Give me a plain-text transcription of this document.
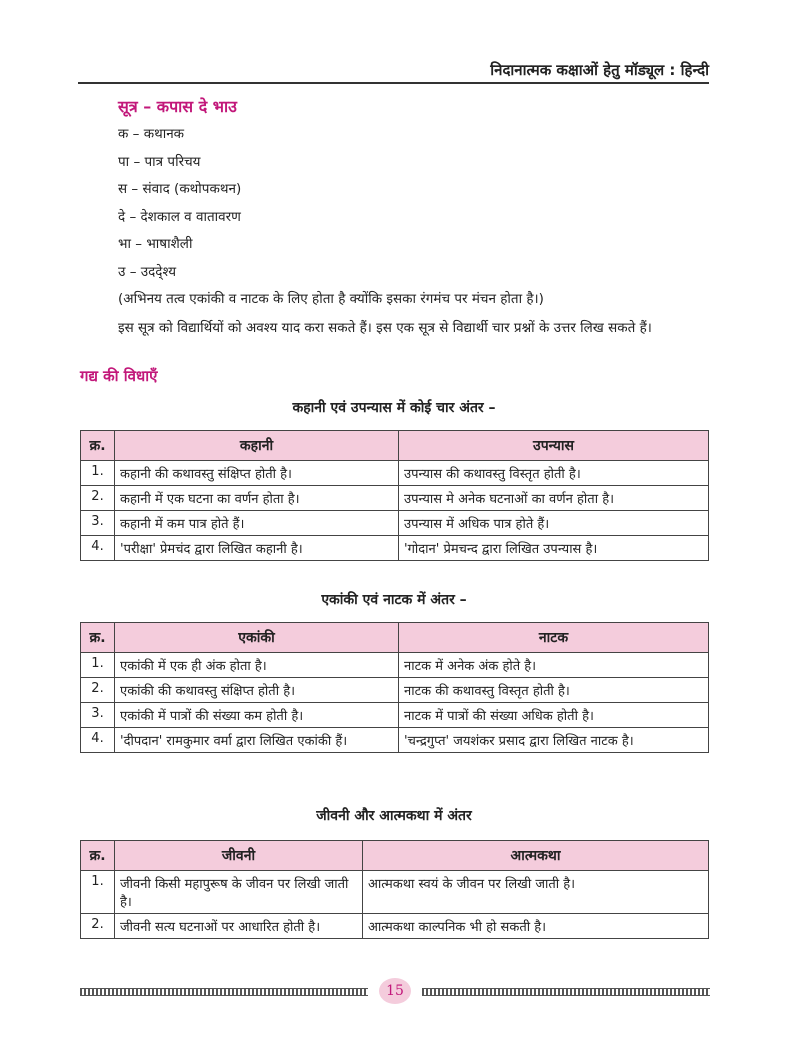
निदानात्मक कक्षाओं हेतु मॉड्यूल : हिन्दी
सूत्र – कपास दे भाउ
क – कथानक
पा – पात्र परिचय
स – संवाद (कथोपकथन)
दे – देशकाल व वातावरण
भा – भाषाशैली
उ – उददे्श्य
(अभिनय तत्व एकांकी व नाटक के लिए होता है क्योंकि इसका रंगमंच पर मंचन होता है।)
इस सूत्र को विद्यार्थियों को अवश्य याद करा सकते हैं। इस एक सूत्र से विद्यार्थी चार प्रश्नों के उत्तर लिख सकते हैं।
गद्य की विधाएँ
कहानी एवं उपन्यास में कोई चार अंतर –
क्र.	कहानी	उपन्यास
1.	कहानी की कथावस्तु संक्षिप्त होती है।	उपन्यास की कथावस्तु विस्तृत होती है।
2.	कहानी में एक घटना का वर्णन होता है।	उपन्यास मे अनेक घटनाओं का वर्णन होता है।
3.	कहानी में कम पात्र होते हैं।	उपन्यास में अधिक पात्र होते हैं।
4.	'परीक्षा' प्रेमचंद द्वारा लिखित कहानी है।	'गोदान' प्रेमचन्द द्वारा लिखित उपन्यास है।
एकांकी एवं नाटक में अंतर –
क्र.	एकांकी	नाटक
1.	एकांकी में एक ही अंक होता है।	नाटक में अनेक अंक होते है।
2.	एकांकी की कथावस्तु संक्षिप्त होती है।	नाटक की कथावस्तु विस्तृत होती है।
3.	एकांकी में पात्रों की संख्या कम होती है।	नाटक में पात्रों की संख्या अधिक होती है।
4.	'दीपदान' रामकुमार वर्मा द्वारा लिखित एकांकी हैं।	'चन्द्रगुप्त' जयशंकर प्रसाद द्वारा लिखित नाटक है।
जीवनी और आत्मकथा में अंतर
क्र.	जीवनी	आत्मकथा
1.	जीवनी किसी महापुरूष के जीवन पर लिखी जाती है।	आत्मकथा स्वयं के जीवन पर लिखी जाती है।
2.	जीवनी सत्य घटनाओं पर आधारित होती है।	आत्मकथा काल्पनिक भी हो सकती है।
15
